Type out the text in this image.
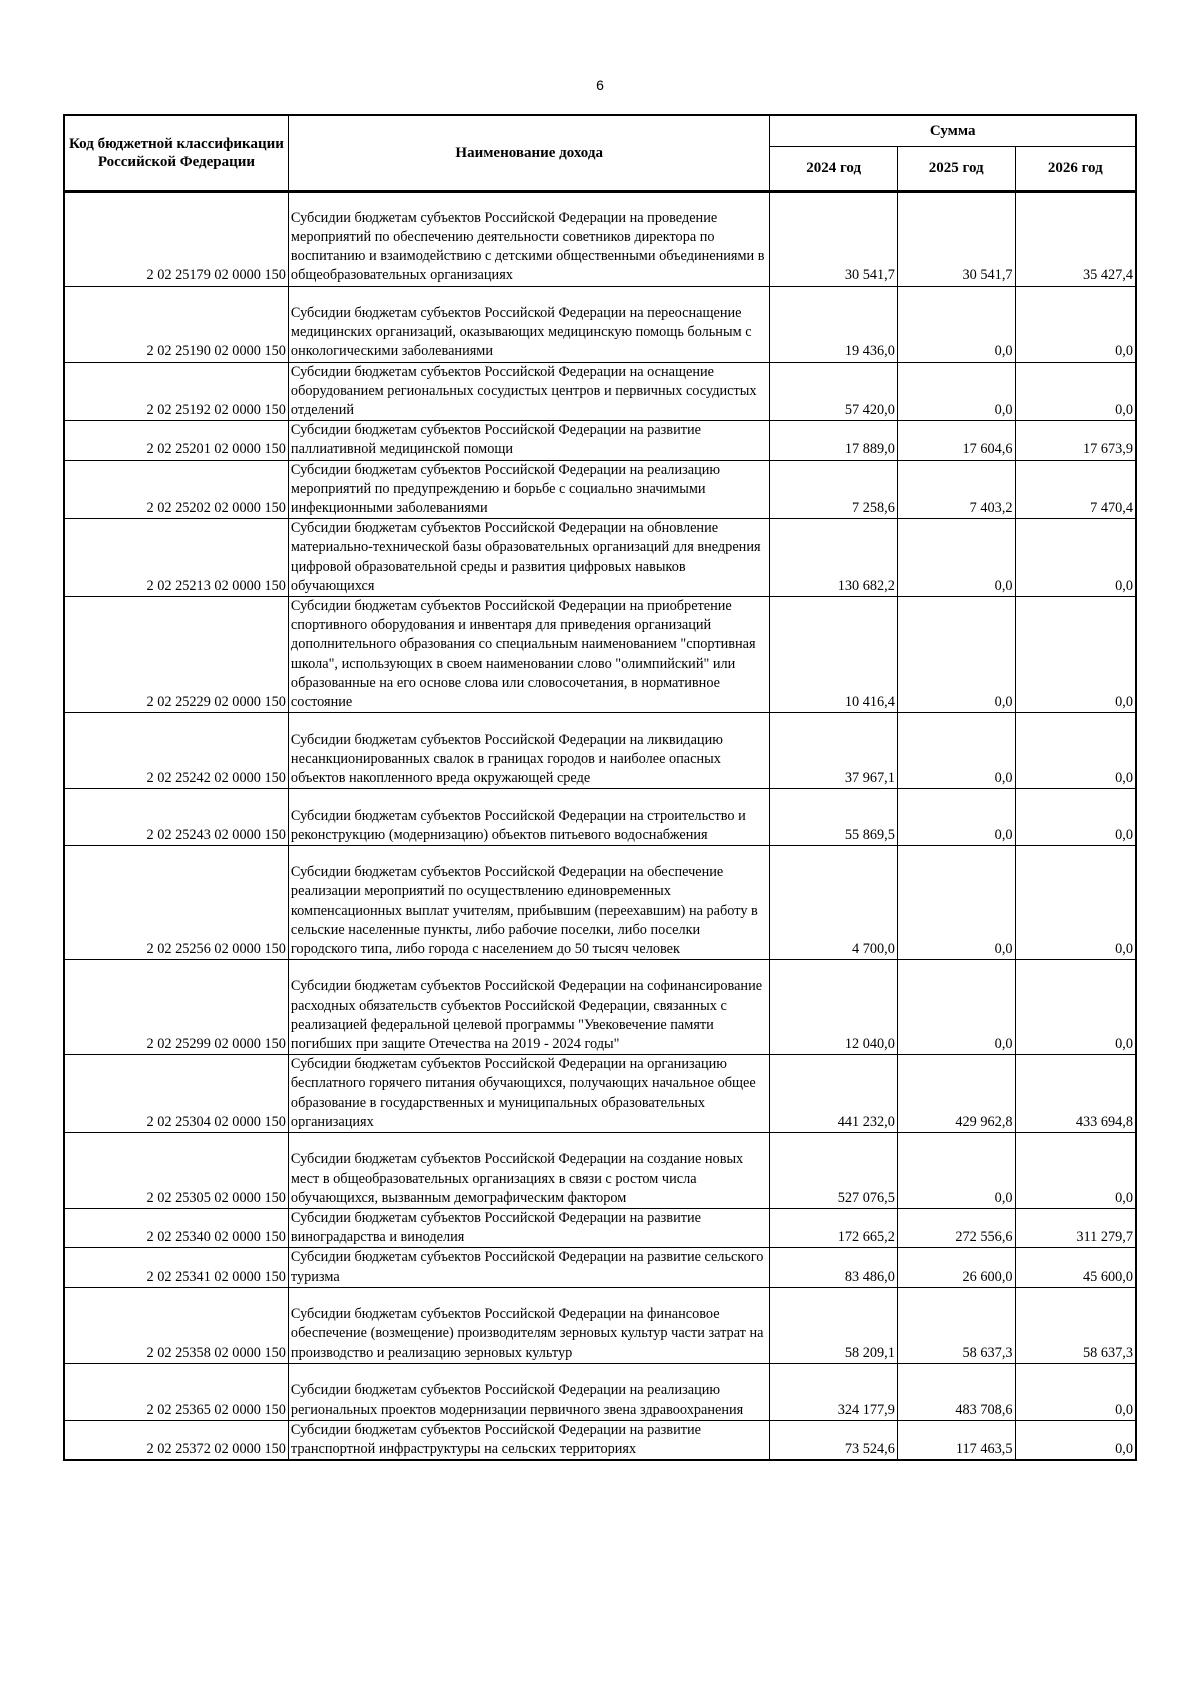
6
Код бюджетной классификации Российской Федерации	Наименование дохода	Сумма		
		2024 год	2025 год	2026 год
2 02 25179 02 0000 150	Субсидии бюджетам субъектов Российской Федерации на проведение мероприятий по обеспечению деятельности советников директора по воспитанию и взаимодействию с детскими общественными объединениями в общеобразовательных организациях	30 541,7	30 541,7	35 427,4
2 02 25190 02 0000 150	Субсидии бюджетам субъектов Российской Федерации на переоснащение медицинских организаций, оказывающих медицинскую помощь больным с онкологическими заболеваниями	19 436,0	0,0	0,0
2 02 25192 02 0000 150	Субсидии бюджетам субъектов Российской Федерации на оснащение оборудованием региональных сосудистых центров и первичных сосудистых отделений	57 420,0	0,0	0,0
2 02 25201 02 0000 150	Субсидии бюджетам субъектов Российской Федерации на развитие паллиативной медицинской помощи	17 889,0	17 604,6	17 673,9
2 02 25202 02 0000 150	Субсидии бюджетам субъектов Российской Федерации на реализацию мероприятий по предупреждению и борьбе с социально значимыми инфекционными заболеваниями	7 258,6	7 403,2	7 470,4
2 02 25213 02 0000 150	Субсидии бюджетам субъектов Российской Федерации на обновление материально-технической базы образовательных организаций для внедрения цифровой образовательной среды и развития цифровых навыков обучающихся	130 682,2	0,0	0,0
2 02 25229 02 0000 150	Субсидии бюджетам субъектов Российской Федерации на приобретение спортивного оборудования и инвентаря для приведения организаций дополнительного образования со специальным наименованием "спортивная школа", использующих в своем наименовании слово "олимпийский" или образованные на его основе слова или словосочетания, в нормативное состояние	10 416,4	0,0	0,0
2 02 25242 02 0000 150	Субсидии бюджетам субъектов Российской Федерации на ликвидацию несанкционированных свалок в границах городов и наиболее опасных объектов накопленного вреда окружающей среде	37 967,1	0,0	0,0
2 02 25243 02 0000 150	Субсидии бюджетам субъектов Российской Федерации на строительство и реконструкцию (модернизацию) объектов питьевого водоснабжения	55 869,5	0,0	0,0
2 02 25256 02 0000 150	Субсидии бюджетам субъектов Российской Федерации на обеспечение реализации мероприятий по осуществлению единовременных компенсационных выплат учителям, прибывшим (переехавшим) на работу в сельские населенные пункты, либо рабочие поселки, либо поселки городского типа, либо города с населением до 50 тысяч человек	4 700,0	0,0	0,0
2 02 25299 02 0000 150	Субсидии бюджетам субъектов Российской Федерации на софинансирование расходных обязательств субъектов Российской Федерации, связанных с реализацией федеральной целевой программы "Увековечение памяти погибших при защите Отечества на 2019 - 2024 годы"	12 040,0	0,0	0,0
2 02 25304 02 0000 150	Субсидии бюджетам субъектов Российской Федерации на организацию бесплатного горячего питания обучающихся, получающих начальное общее образование в государственных и муниципальных образовательных организациях	441 232,0	429 962,8	433 694,8
2 02 25305 02 0000 150	Субсидии бюджетам субъектов Российской Федерации на создание новых мест в общеобразовательных организациях в связи с ростом числа обучающихся, вызванным демографическим фактором	527 076,5	0,0	0,0
2 02 25340 02 0000 150	Субсидии бюджетам субъектов Российской Федерации на развитие виноградарства и виноделия	172 665,2	272 556,6	311 279,7
2 02 25341 02 0000 150	Субсидии бюджетам субъектов Российской Федерации на развитие сельского туризма	83 486,0	26 600,0	45 600,0
2 02 25358 02 0000 150	Субсидии бюджетам субъектов Российской Федерации на финансовое обеспечение (возмещение) производителям зерновых культур части затрат на производство и реализацию зерновых культур	58 209,1	58 637,3	58 637,3
2 02 25365 02 0000 150	Субсидии бюджетам субъектов Российской Федерации на реализацию региональных проектов модернизации первичного звена здравоохранения	324 177,9	483 708,6	0,0
2 02 25372 02 0000 150	Субсидии бюджетам субъектов Российской Федерации на развитие транспортной инфраструктуры на сельских территориях	73 524,6	117 463,5	0,0
